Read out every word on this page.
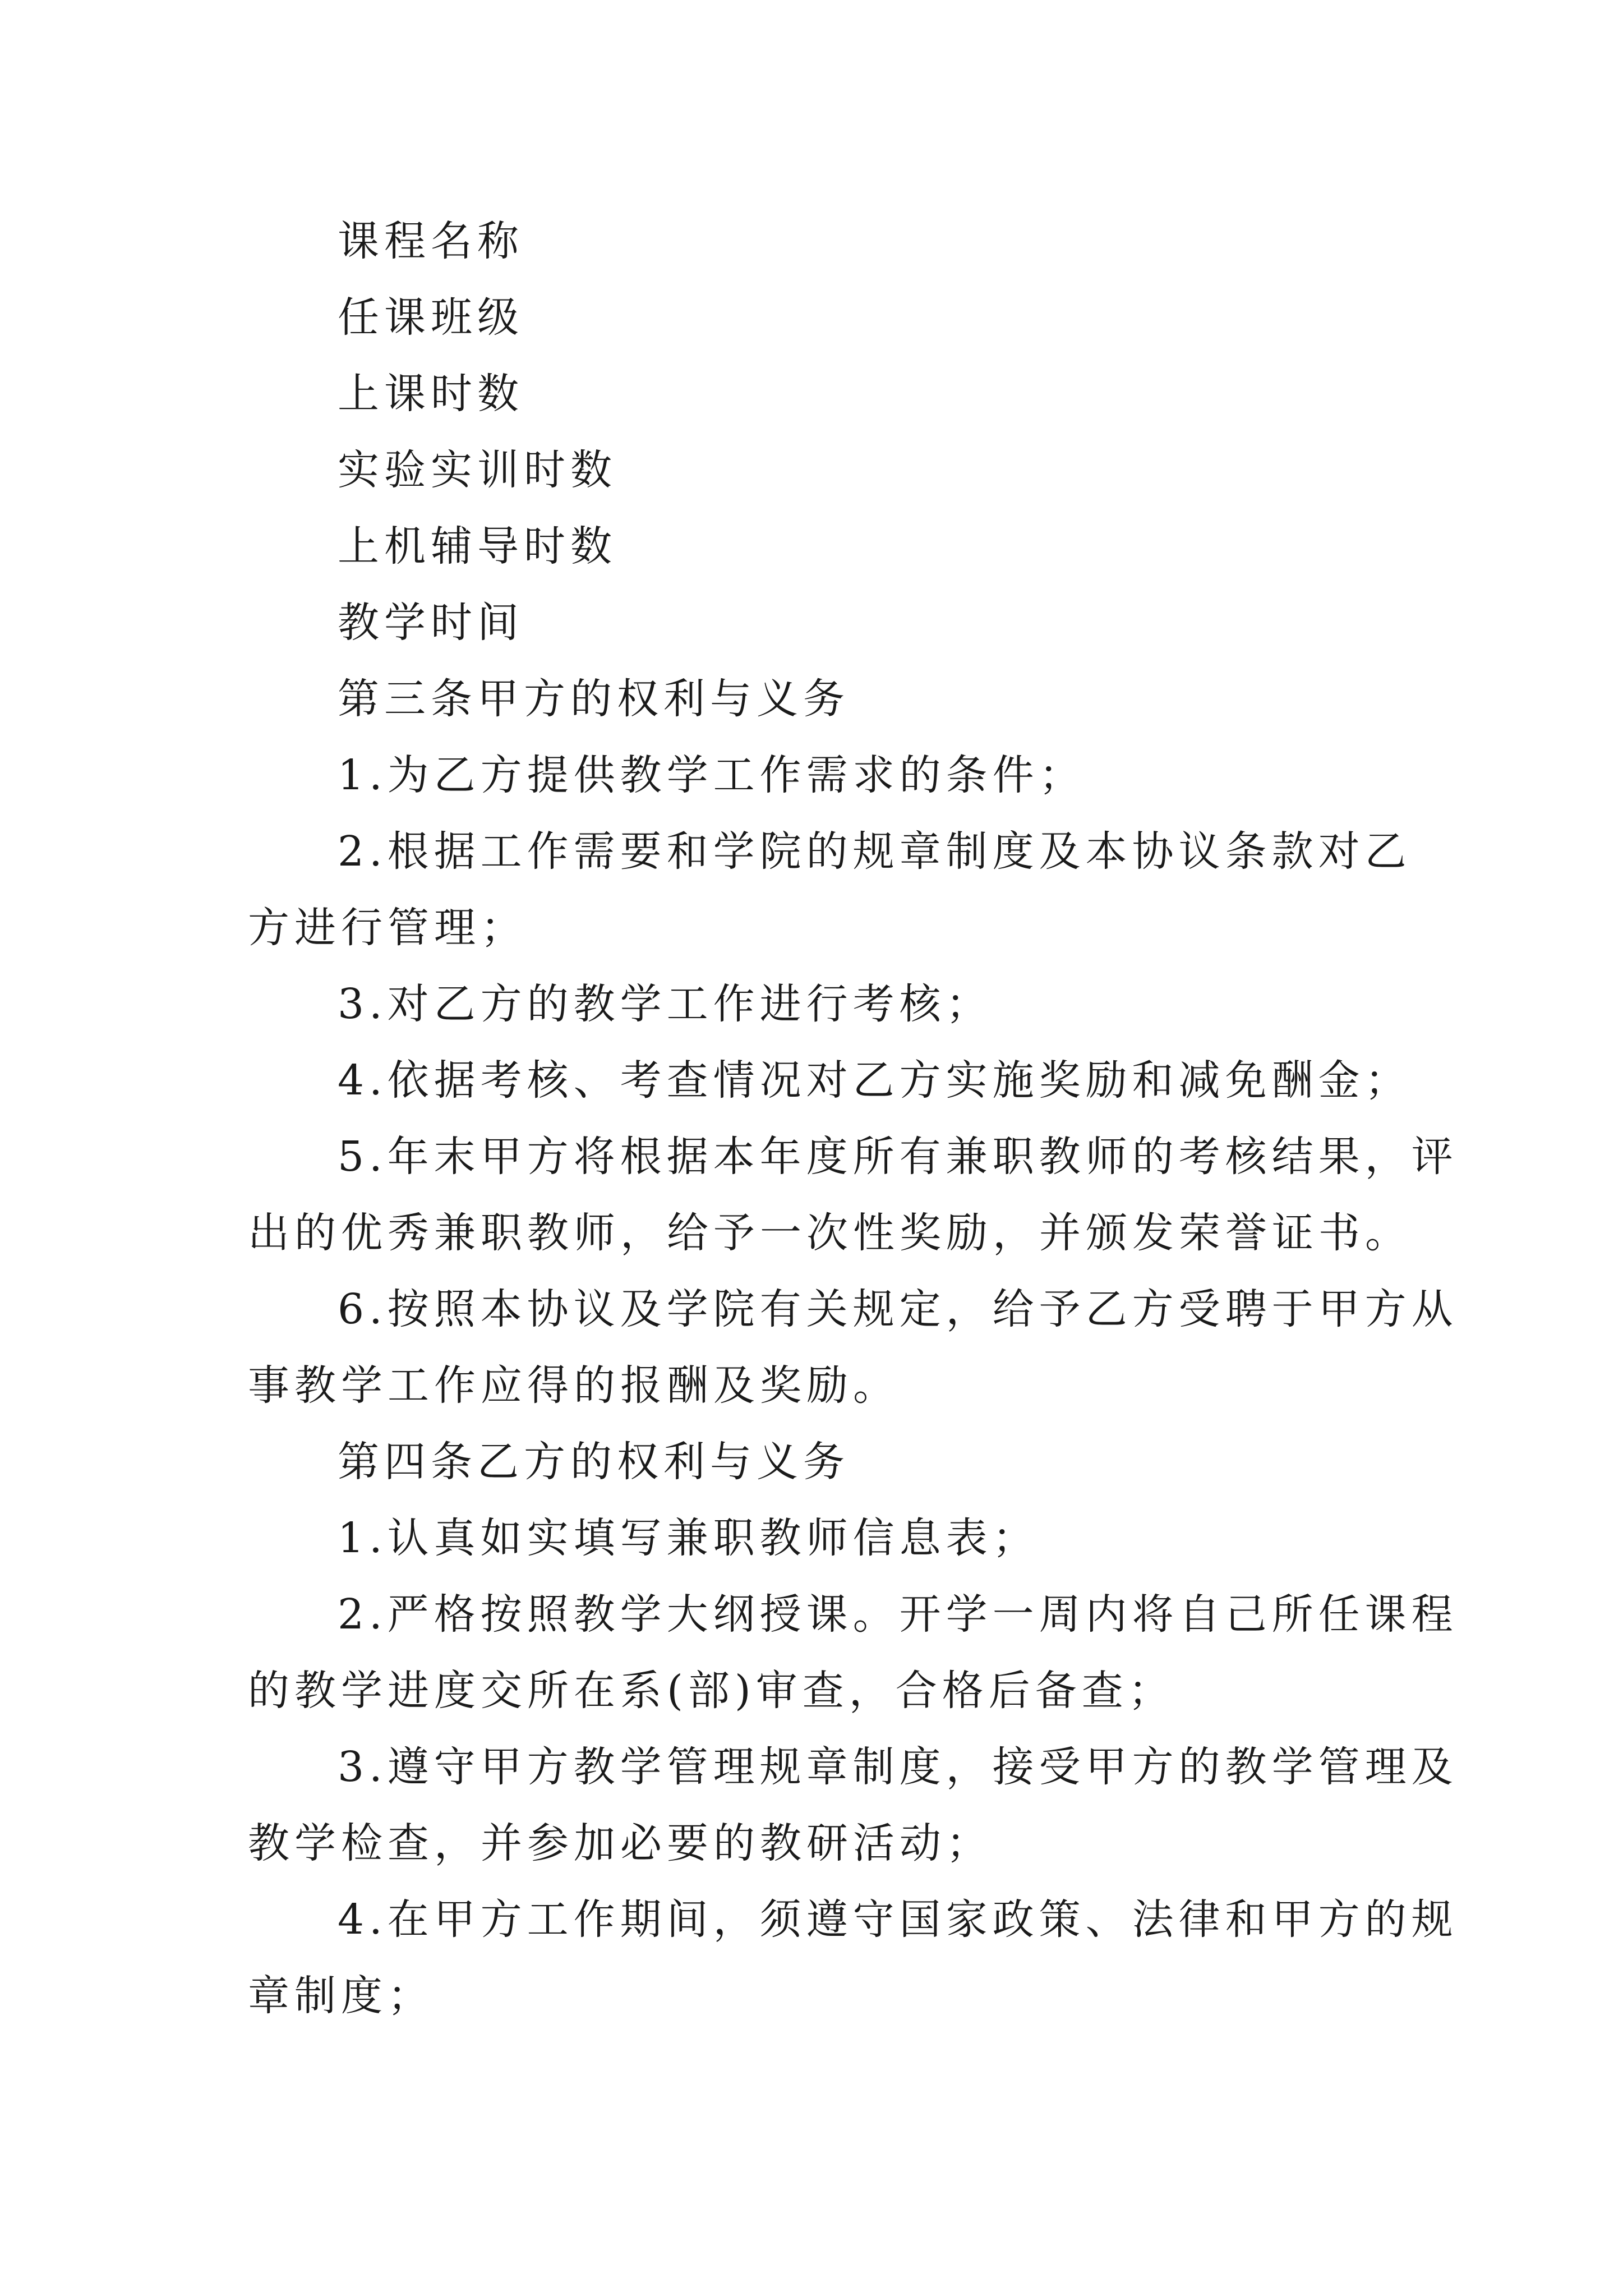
课程名称

任课班级

上课时数

实验实训时数

上机辅导时数

教学时间

第三条甲方的权利与义务

1.为乙方提供教学工作需求的条件；

2.根据工作需要和学院的规章制度及本协议条款对乙

方进行管理；

3.对乙方的教学工作进行考核；

4.依据考核、考查情况对乙方实施奖励和减免酬金；

5.年末甲方将根据本年度所有兼职教师的考核结果，评

出的优秀兼职教师，给予一次性奖励，并颁发荣誉证书。

6.按照本协议及学院有关规定，给予乙方受聘于甲方从

事教学工作应得的报酬及奖励。

第四条乙方的权利与义务

1.认真如实填写兼职教师信息表；

2.严格按照教学大纲授课。开学一周内将自己所任课程

的教学进度交所在系(部)审查，合格后备查；

3.遵守甲方教学管理规章制度，接受甲方的教学管理及

教学检查，并参加必要的教研活动；

4.在甲方工作期间，须遵守国家政策、法律和甲方的规

章制度；
